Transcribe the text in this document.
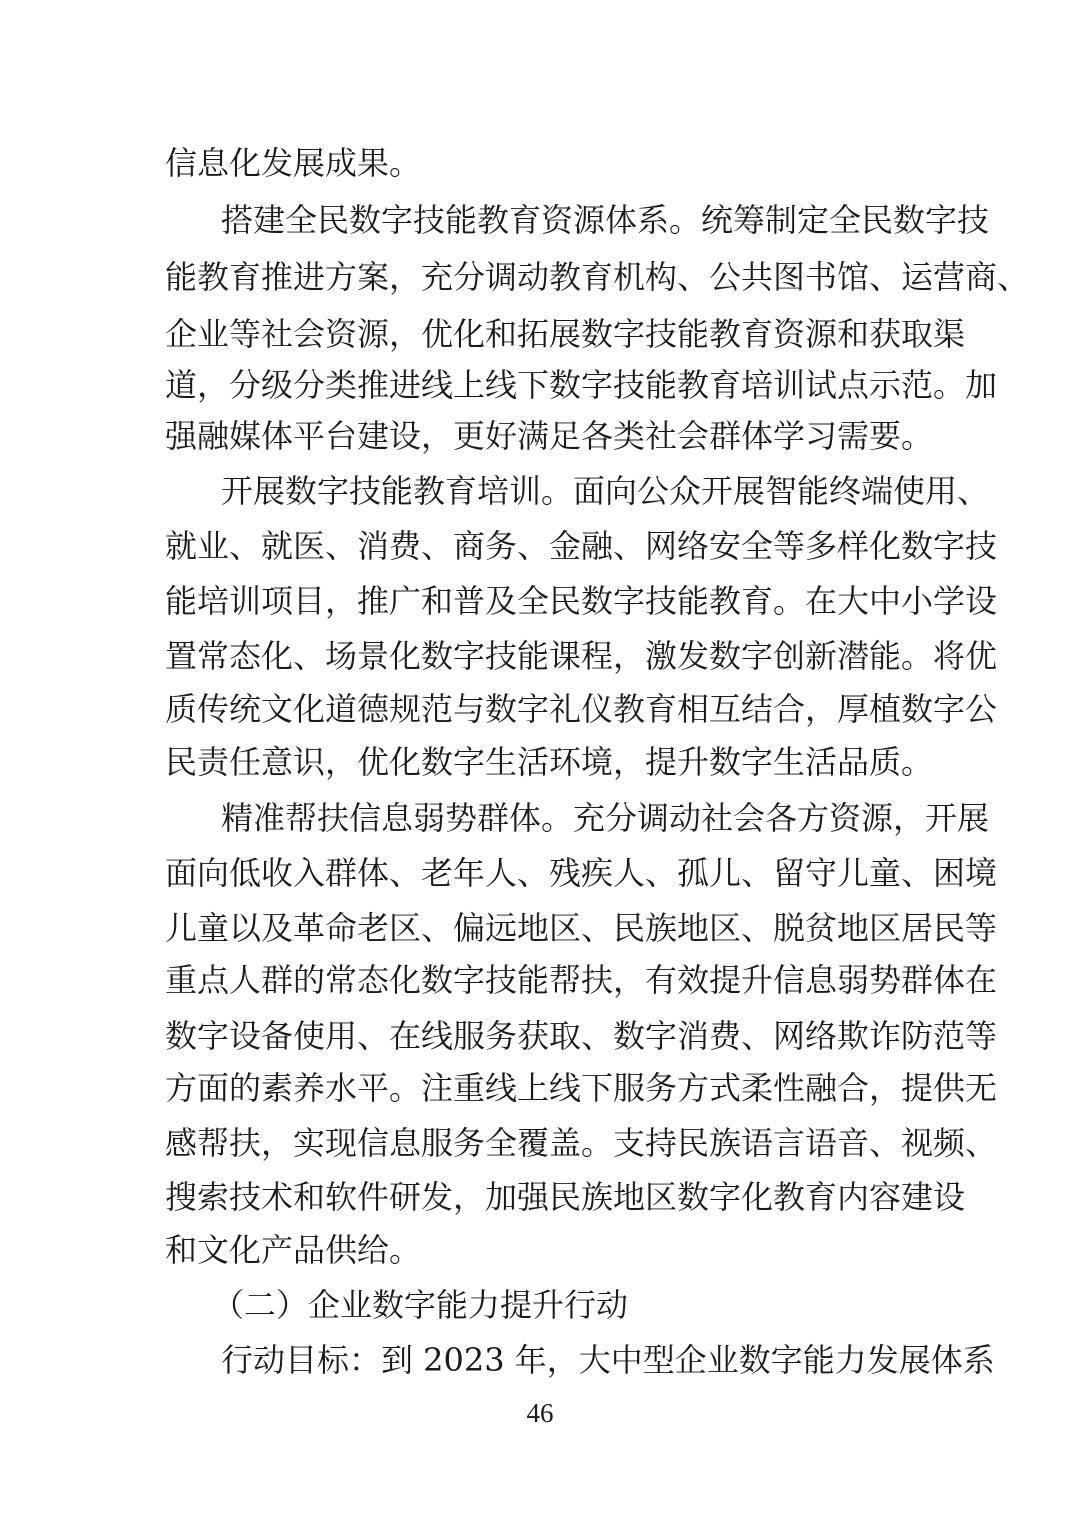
信息化发展成果。
搭建全民数字技能教育资源体系。统筹制定全民数字技
能教育推进方案，充分调动教育机构、公共图书馆、运营商、
企业等社会资源，优化和拓展数字技能教育资源和获取渠
道，分级分类推进线上线下数字技能教育培训试点示范。加
强融媒体平台建设，更好满足各类社会群体学习需要。
开展数字技能教育培训。面向公众开展智能终端使用、
就业、就医、消费、商务、金融、网络安全等多样化数字技
能培训项目，推广和普及全民数字技能教育。在大中小学设
置常态化、场景化数字技能课程，激发数字创新潜能。将优
质传统文化道德规范与数字礼仪教育相互结合，厚植数字公
民责任意识，优化数字生活环境，提升数字生活品质。
精准帮扶信息弱势群体。充分调动社会各方资源，开展
面向低收入群体、老年人、残疾人、孤儿、留守儿童、困境
儿童以及革命老区、偏远地区、民族地区、脱贫地区居民等
重点人群的常态化数字技能帮扶，有效提升信息弱势群体在
数字设备使用、在线服务获取、数字消费、网络欺诈防范等
方面的素养水平。注重线上线下服务方式柔性融合，提供无
感帮扶，实现信息服务全覆盖。支持民族语言语音、视频、
搜索技术和软件研发，加强民族地区数字化教育内容建设
和文化产品供给。
（二）企业数字能力提升行动
行动目标：到 2023 年，大中型企业数字能力发展体系
46
